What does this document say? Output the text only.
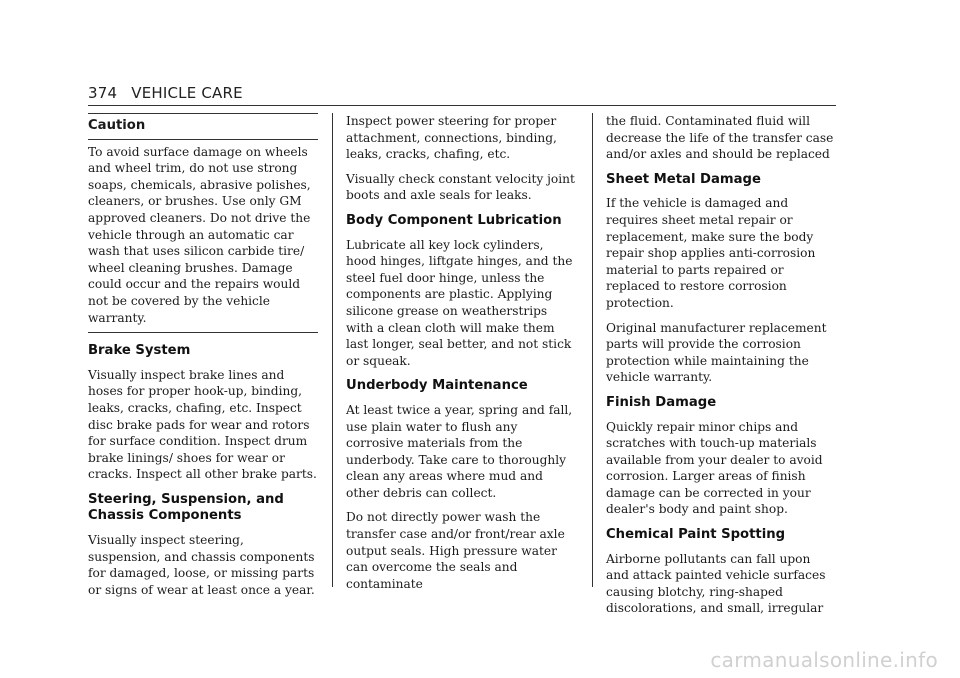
374 VEHICLE CARE
Caution

To avoid surface damage on wheels and wheel trim, do not use strong soaps, chemicals, abrasive polishes, cleaners, or brushes. Use only GM approved cleaners. Do not drive the vehicle through an automatic car wash that uses silicon carbide tire/ wheel cleaning brushes. Damage could occur and the repairs would not be covered by the vehicle warranty.

Brake System

Visually inspect brake lines and hoses for proper hook-up, binding, leaks, cracks, chafing, etc. Inspect disc brake pads for wear and rotors for surface condition. Inspect drum brake linings/ shoes for wear or cracks. Inspect all other brake parts.

Steering, Suspension, and Chassis Components

Visually inspect steering, suspension, and chassis components for damaged, loose, or missing parts or signs of wear at least once a year.

Inspect power steering for proper attachment, connections, binding, leaks, cracks, chafing, etc.

Visually check constant velocity joint boots and axle seals for leaks.

Body Component Lubrication

Lubricate all key lock cylinders, hood hinges, liftgate hinges, and the steel fuel door hinge, unless the components are plastic. Applying silicone grease on weatherstrips with a clean cloth will make them last longer, seal better, and not stick or squeak.

Underbody Maintenance

At least twice a year, spring and fall, use plain water to flush any corrosive materials from the underbody. Take care to thoroughly clean any areas where mud and other debris can collect.

Do not directly power wash the transfer case and/or front/rear axle output seals. High pressure water can overcome the seals and contaminate

the fluid. Contaminated fluid will decrease the life of the transfer case and/or axles and should be replaced

Sheet Metal Damage

If the vehicle is damaged and requires sheet metal repair or replacement, make sure the body repair shop applies anti-corrosion material to parts repaired or replaced to restore corrosion protection.

Original manufacturer replacement parts will provide the corrosion protection while maintaining the vehicle warranty.

Finish Damage

Quickly repair minor chips and scratches with touch-up materials available from your dealer to avoid corrosion. Larger areas of finish damage can be corrected in your dealer's body and paint shop.

Chemical Paint Spotting

Airborne pollutants can fall upon and attack painted vehicle surfaces causing blotchy, ring-shaped discolorations, and small, irregular

carmanualsonline.info
